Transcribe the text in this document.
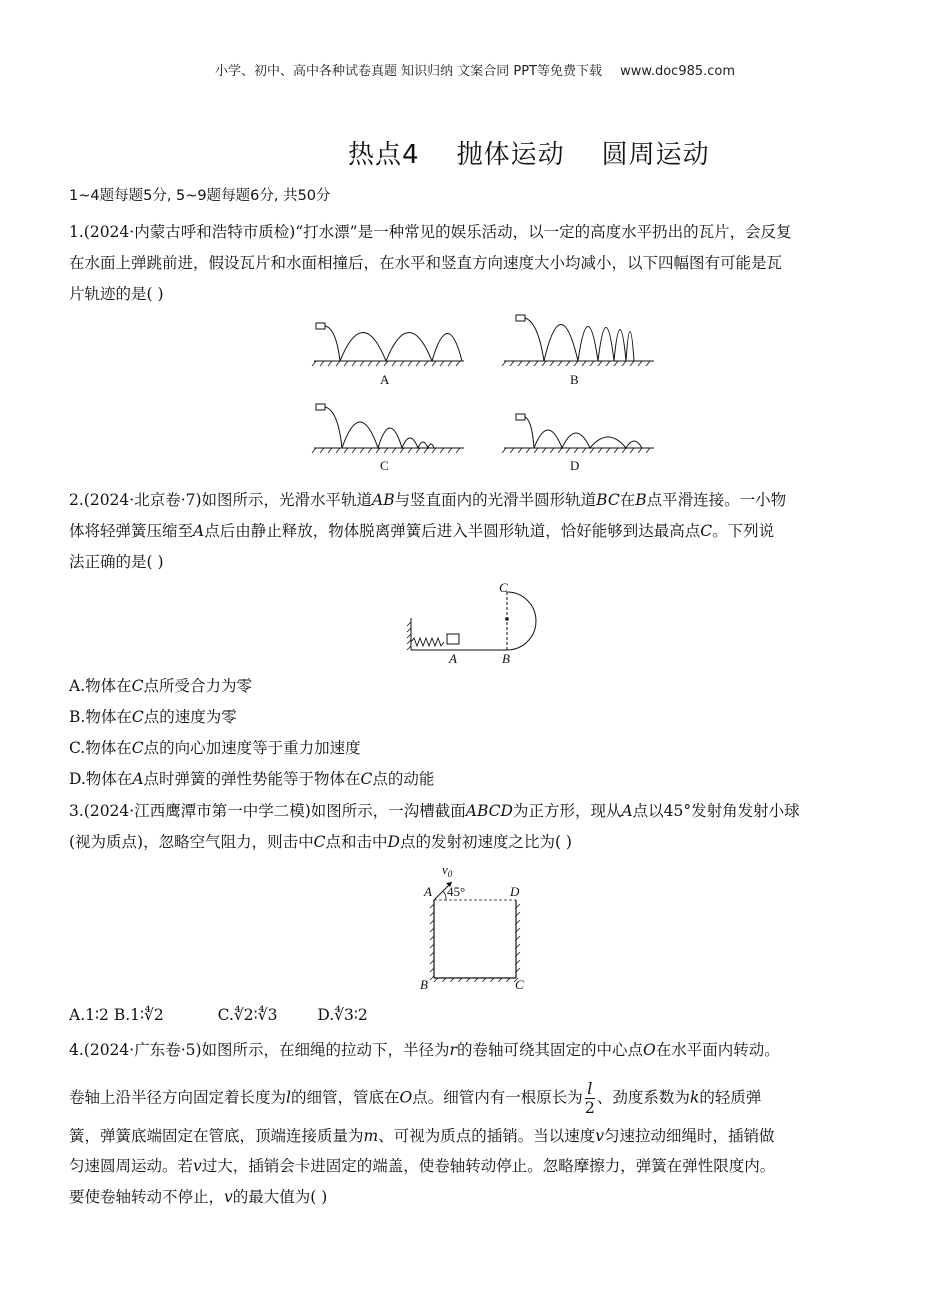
小学、初中、高中各种试卷真题 知识归纳 文案合同 PPT等免费下载 www.doc985.com
热点4    抛体运动    圆周运动
1~4题每题5分, 5~9题每题6分, 共50分
1.(2024·内蒙古呼和浩特市质检)“打水漂”是一种常见的娱乐活动，以一定的高度水平扔出的瓦片，会反复
在水面上弹跳前进，假设瓦片和水面相撞后，在水平和竖直方向速度大小均减小，以下四幅图有可能是瓦
片轨迹的是( )
A	B
C	D
2.(2024·北京卷·7)如图所示，光滑水平轨道AB与竖直面内的光滑半圆形轨道BC在B点平滑连接。一小物
体将轻弹簧压缩至A点后由静止释放，物体脱离弹簧后进入半圆形轨道，恰好能够到达最高点C。下列说
法正确的是( )
C
A	B
A.物体在C点所受合力为零
B.物体在C点的速度为零
C.物体在C点的向心加速度等于重力加速度
D.物体在A点时弹簧的弹性势能等于物体在C点的动能
3.(2024·江西鹰潭市第一中学二模)如图所示，一沟槽截面ABCD为正方形，现从A点以45°发射角发射小球
(视为质点)，忽略空气阻力，则击中C点和击中D点的发射初速度之比为( )
$v_0$
45°
A	D
B	C
A.1∶2 B.1∶∜2	C.∜2∶∜3	D.∜3∶2
4.(2024·广东卷·5)如图所示，在细绳的拉动下，半径为r的卷轴可绕其固定的中心点O在水平面内转动。
卷轴上沿半径方向固定着长度为l的细管，管底在O点。细管内有一根原长为 $\frac{l}{2}$ 、劲度系数为k的轻质弹
簧，弹簧底端固定在管底，顶端连接质量为m、可视为质点的插销。当以速度v匀速拉动细绳时，插销做
匀速圆周运动。若v过大，插销会卡进固定的端盖，使卷轴转动停止。忽略摩擦力，弹簧在弹性限度内。
要使卷轴转动不停止，v的最大值为( )
